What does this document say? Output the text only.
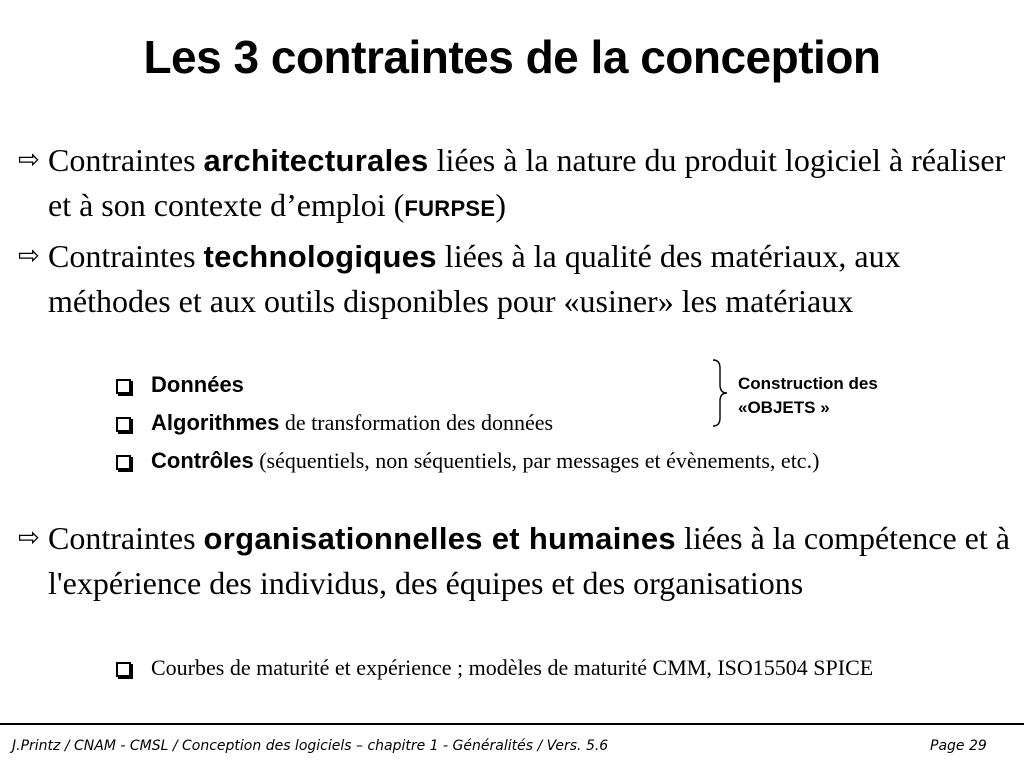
Les 3 contraintes de la conception
⇨ Contraintes architecturales liées à la nature du produit logiciel à réaliser et à son contexte d’emploi (FURPSE)
⇨ Contraintes technologiques liées à la qualité des matériaux, aux méthodes et aux outils disponibles pour «usiner» les matériaux
Données
Algorithmes de transformation des données
Contrôles (séquentiels, non séquentiels, par messages et évènements, etc.)
Construction des
«OBJETS »
⇨ Contraintes organisationnelles et humaines liées à la compétence et à l'expérience des individus, des équipes et des organisations
Courbes de maturité et expérience ; modèles de maturité CMM, ISO15504 SPICE
J.Printz / CNAM - CMSL / Conception des logiciels – chapitre 1 - Généralités / Vers. 5.6	Page 29
